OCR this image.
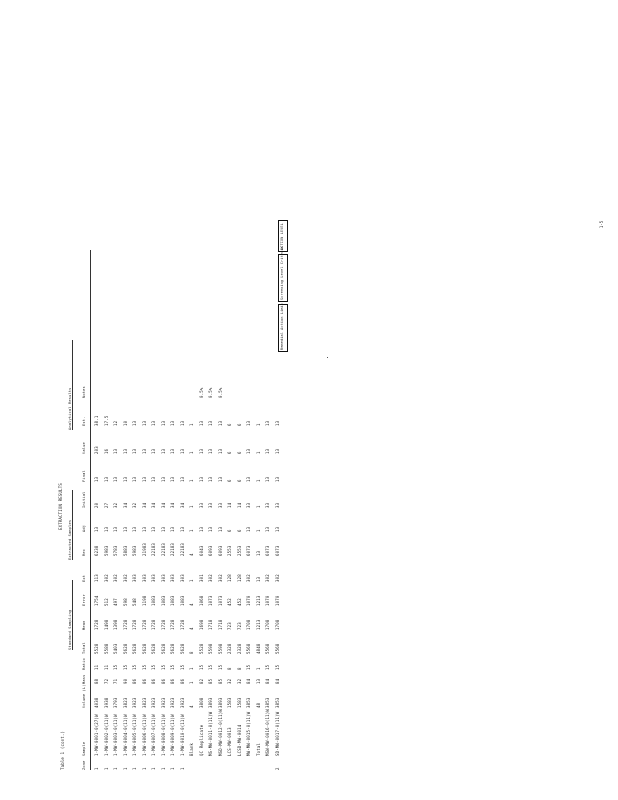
1-5
Table 1 (cont.)
EXTRACTION RESULTS
Standard Sampling
Extracted Samples
Analytical Results
Zone
Sample
Volume (L)
Mass
Ratio
Total
Mean
Error
Ext
Rec
Adj
Initial
Final
Value
Est.
Notes
1
1-MW-0001-0(27)W
4038
88
11
5528
1728
1754
113
6238
13
20
13
203
38.1
1
1-MW-0002-0(11)W
3938
72
11
5588
1498
512
302
5983
13
27
13
16
17.5
1
1-MW-0003-0(11)W
3793
71
15
5403
1398
497
302
5783
13
32
13
13
12
1
1-MW-0004-0(11)W
3823
90
15
5628
1728
598
302
5883
13
34
13
13
10
1
1-MW-0005-0(11)W
3923
86
15
5628
1728
548
303
5983
13
32
13
13
13
1
1-MW-0006-0(11)W
3823
86
15
5628
1728
1198
303
21983
13
34
13
13
13
1
1-MW-0007-0(11)W
3923
86
15
5628
1728
1083
303
22183
13
34
13
13
13
1
1-MW-0008-0(11)W
3923
86
15
5628
1728
1083
303
22183
13
34
13
13
13
1
1-MW-0009-0(11)W
3923
86
15
5628
1728
1083
303
22183
13
34
13
13
13
1
1-MW-0010-0(11)W
3923
86
15
5628
1728
1083
303
22183
13
34
13
13
13
Blank
4
1
1
8
4
4
1
4
1
1
1
1
1
QC Replicate
3808
82
15
5528
1698
1068
301
6043
13
33
13
13
13
0.5%
MS-MW-0011-0(11)W
3893
85
15
5598
1718
1073
302
6093
13
33
13
13
13
0.5%
MSD-MW-0012-0(11)W
3893
85
15
5598
1718
1073
302
6093
13
33
13
13
13
0.5%
LCS-MW-0013
1583
32
8
2328
723
452
128
2553
6
14
6
6
6
LCSD-MW-0014
1583
32
8
2328
723
452
128
2553
6
14
6
6
6
MW-MW-0015-0(11)W
3853
84
15
5568
1708
1070
302
6073
13
33
13
13
13
Total
48
13
1
4848
1213
1213
13
13
1
1
1
1
1
MSW-MW-0016-0(11)W
3853
84
15
5568
1708
1070
302
6073
13
33
13
13
13
2
SD-MW-0017-0(11)W
3853
84
15
5568
1708
1070
302
6073
13
33
13
13
13
Remedial Action Limit
Screening Level Criteria
ACTION LEVEL
